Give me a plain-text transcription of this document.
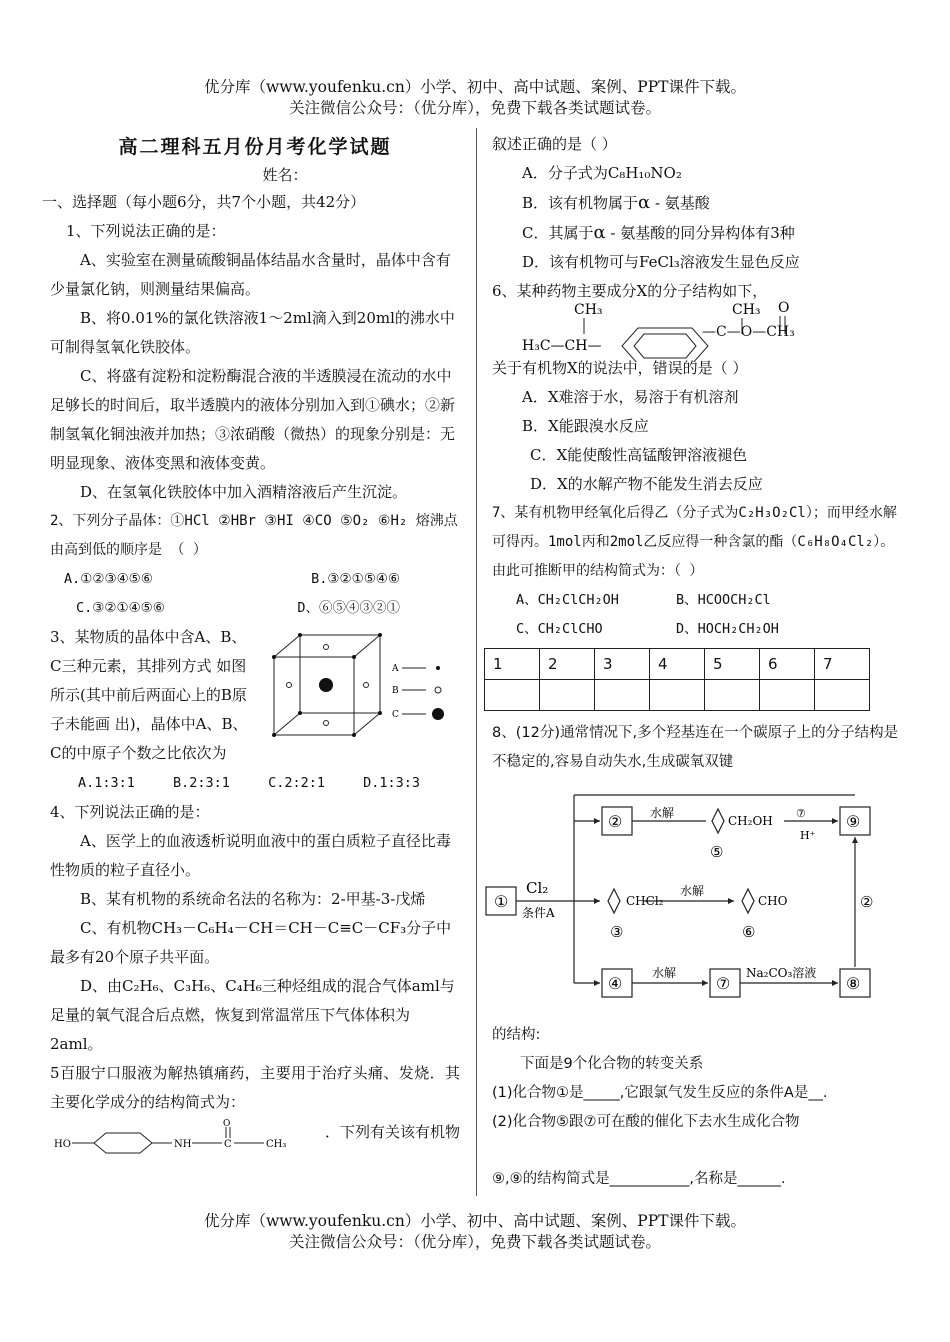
优分库（www.youfenku.cn）小学、初中、高中试题、案例、PPT课件下载。
关注微信公众号：（优分库），免费下载各类试题试卷。

高二理科五月份月考化学试题

姓名：

一、选择题（每小题6分，共7个小题，共42分）

1、下列说法正确的是：

A、实验室在测量硫酸铜晶体结晶水含量时，晶体中含有少量氯化钠，则测量结果偏高。

B、将0.01%的氯化铁溶液1～2ml滴入到20ml的沸水中可制得氢氧化铁胶体。

C、将盛有淀粉和淀粉酶混合液的半透膜浸在流动的水中足够长的时间后，取半透膜内的液体分别加入到①碘水；②新制氢氧化铜浊液并加热；③浓硝酸（微热）的现象分别是：无明显现象、液体变黑和液体变黄。

D、在氢氧化铁胶体中加入酒精溶液后产生沉淀。

2、下列分子晶体：①HCl ②HBr ③HI ④CO ⑤O₂ ⑥H₂ 熔沸点由高到低的顺序是 （ ）

A.①②③④⑤⑥	B.③②①⑤④⑥
C.③②①④⑤⑥	D、⑥⑤④③②①

3、某物质的晶体中含A、B、C三种元素，其排列方式 如图所示(其中前后两面心上的B原子未能画 出)，晶体中A、B、C的中原子个数之比依次为

A
B
C
A.1:3:1	B.2:3:1	C.2:2:1	D.1:3:3

4、下列说法正确的是：

A、医学上的血液透析说明血液中的蛋白质粒子直径比毒性物质的粒子直径小。

B、某有机物的系统命名法的名称为：2-甲基-3-戊烯

C、有机物CH₃－C₆H₄－CH＝CH－C≡C－CF₃分子中最多有20个原子共平面。

D、由C₂H₆、C₃H₆、C₄H₆三种烃组成的混合气体aml与足量的氧气混合后点燃，恢复到常温常压下气体体积为2aml。

5百服宁口服液为解热镇痛药，主要用于治疗头痛、发烧．其主要化学成分的结构简式为：

HO	NH	C
O
CH₃
．下列有关该有机物

叙述正确的是（ ）

A．分子式为C₈H₁₀NO₂

B．该有机物属于α - 氨基酸

C．其属于α - 氨基酸的同分异构体有3种

D．该有机物可与FeCl₃溶液发生显色反应

6、某种药物主要成分X的分子结构如下，

CH₃
H₃C—CH—
CH₃ O
—C—O—CH₃

关于有机物X的说法中，错误的是（ ）

A．X难溶于水，易溶于有机溶剂

B．X能跟溴水反应

C．X能使酸性高锰酸钾溶液褪色

D．X的水解产物不能发生消去反应

7、某有机物甲经氧化后得乙（分子式为C₂H₃O₂Cl）；而甲经水解可得丙。1mol丙和2mol乙反应得一种含氯的酯（C₆H₈O₄Cl₂）。由此可推断甲的结构简式为：（ ）

A、CH₂ClCH₂OH	B、HCOOCH₂Cl
C、CH₂ClCHO	D、HOCH₂CH₂OH
1	2	3	4	5	6	7

8、(12分)通常情况下,多个羟基连在一个碳原子上的分子结构是不稳定的,容易自动失水,生成碳氧双键

①
②
④	⑦
⑨
⑧
②
⑤
③	⑥
Cl₂
条件A
水解
水解
水解
CHCl₂	CHO
CH₂OH
⑦
H⁺
Na₂CO₃溶液

的结构:

下面是9个化合物的转变关系

(1)化合物①是_____,它跟氯气发生反应的条件A是__.

(2)化合物⑤跟⑦可在酸的催化下去水生成化合物

⑨,⑨的结构简式是___________,名称是______.

优分库（www.youfenku.cn）小学、初中、高中试题、案例、PPT课件下载。
关注微信公众号：（优分库），免费下载各类试题试卷。
